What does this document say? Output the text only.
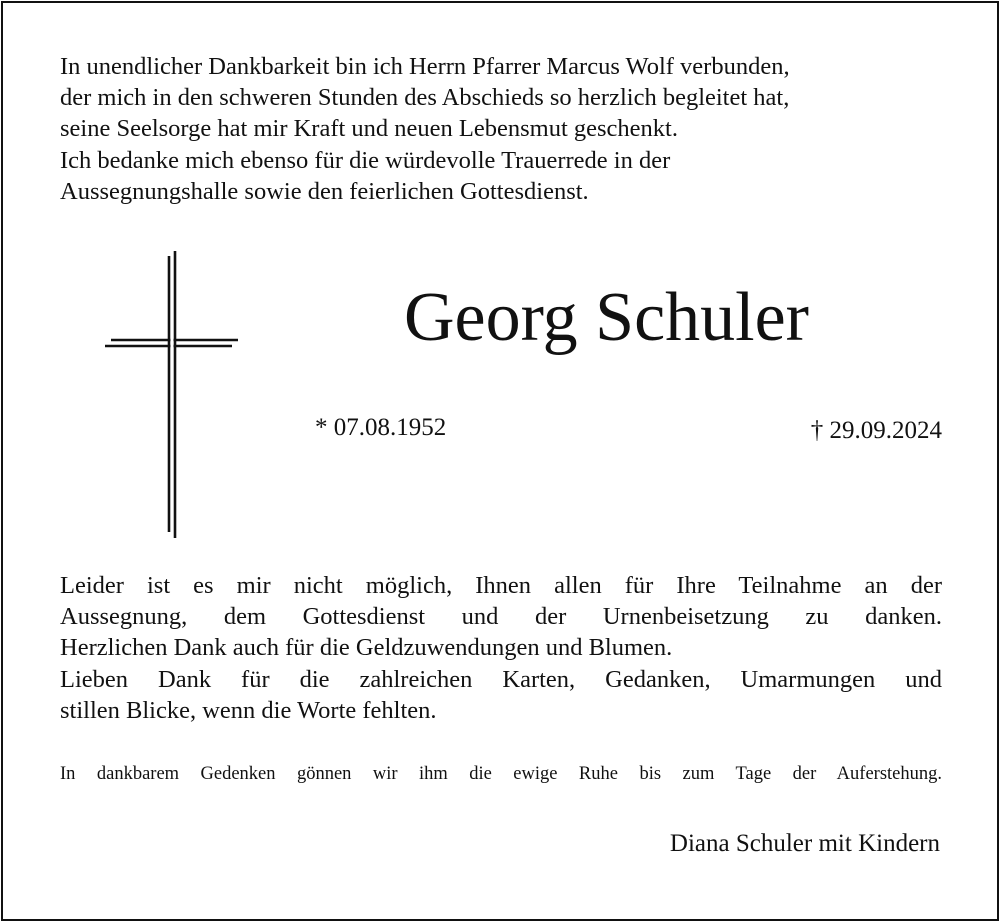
In unendlicher Dankbarkeit bin ich Herrn Pfarrer Marcus Wolf verbunden,
der mich in den schweren Stunden des Abschieds so herzlich begleitet hat,
seine Seelsorge hat mir Kraft und neuen Lebensmut geschenkt.
Ich bedanke mich ebenso für die würdevolle Trauerrede in der
Aussegnungshalle sowie den feierlichen Gottesdienst.
Georg Schuler
* 07.08.1952	† 29.09.2024
Leider ist es mir nicht möglich, Ihnen allen für Ihre Teilnahme an der
Aussegnung, dem Gottesdienst und der Urnenbeisetzung zu danken.
Herzlichen Dank auch für die Geldzuwendungen und Blumen.
Lieben Dank für die zahlreichen Karten, Gedanken, Umarmungen und
stillen Blicke, wenn die Worte fehlten.
In dankbarem Gedenken gönnen wir ihm die ewige Ruhe bis zum Tage der Auferstehung.
Diana Schuler mit Kindern
